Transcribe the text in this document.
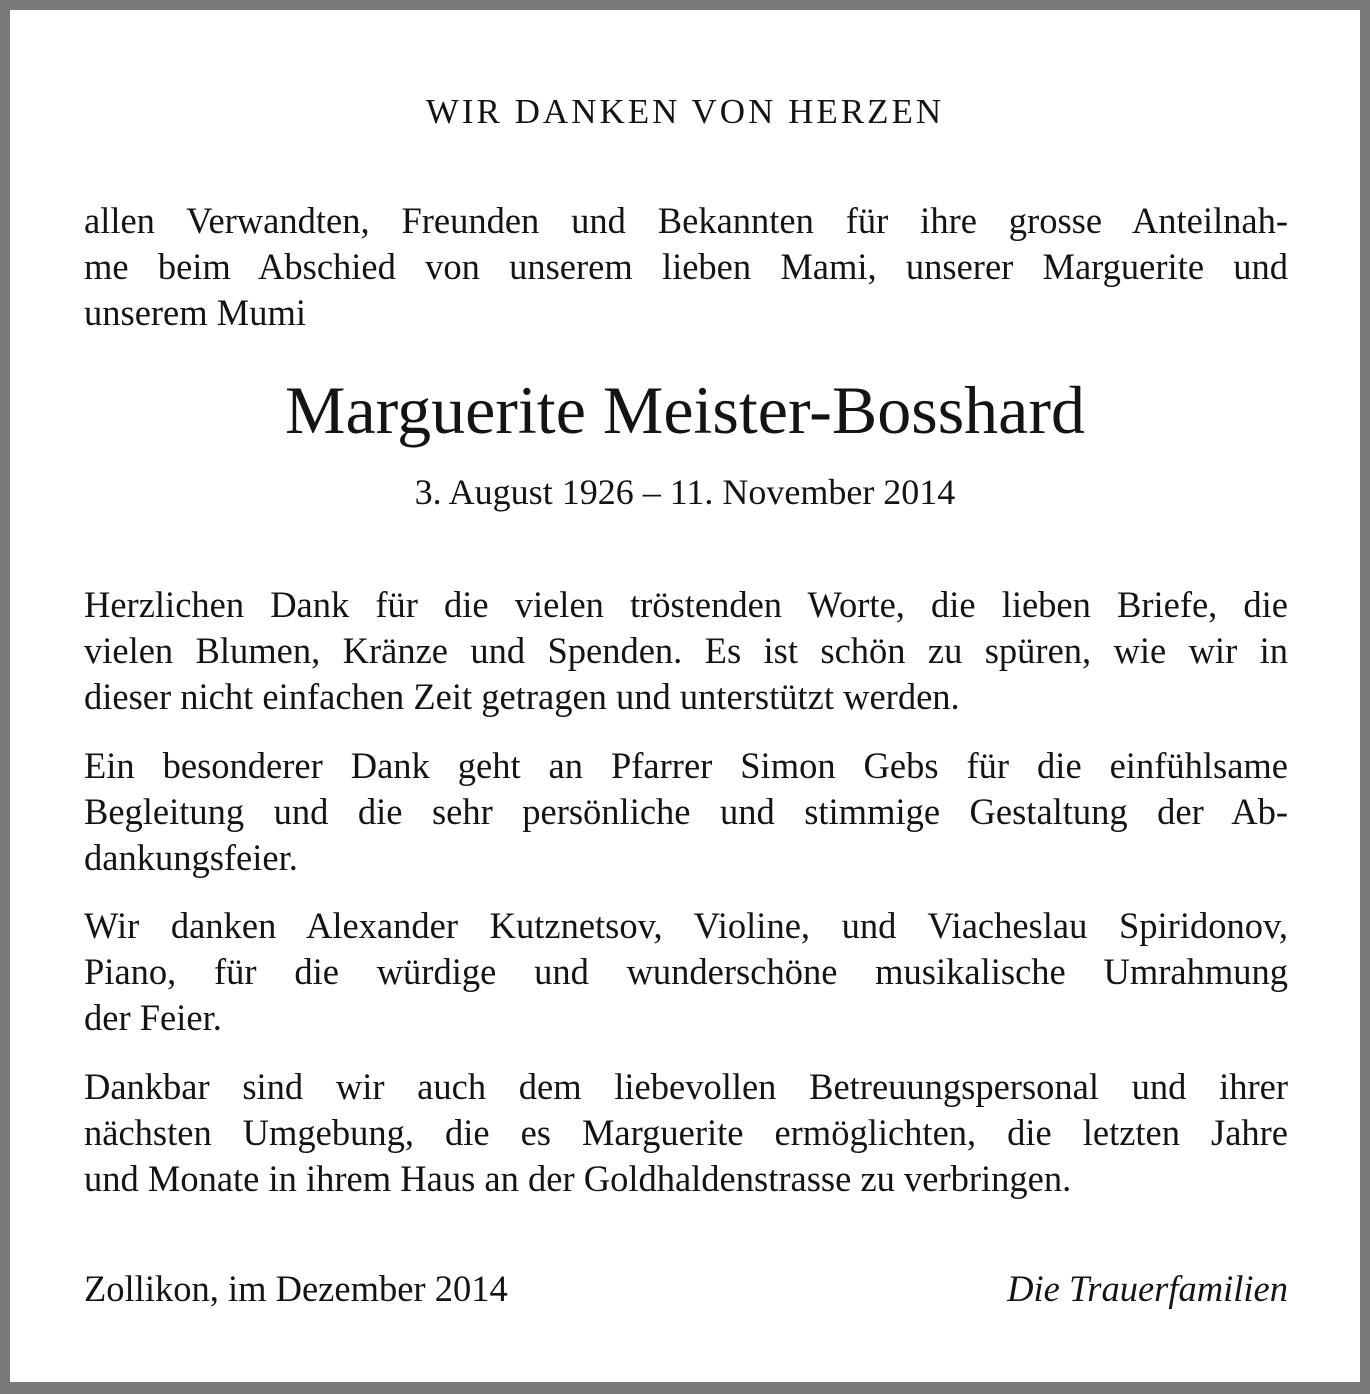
WIR DANKEN VON HERZEN
allen Verwandten, Freunden und Bekannten für ihre grosse Anteilnah-
me beim Abschied von unserem lieben Mami, unserer Marguerite und
unserem Mumi
Marguerite Meister-Bosshard
3. August 1926 – 11. November 2014
Herzlichen Dank für die vielen tröstenden Worte, die lieben Briefe, die
vielen Blumen, Kränze und Spenden. Es ist schön zu spüren, wie wir in
dieser nicht einfachen Zeit getragen und unterstützt werden.
Ein besonderer Dank geht an Pfarrer Simon Gebs für die einfühlsame
Begleitung und die sehr persönliche und stimmige Gestaltung der Ab-
dankungsfeier.
Wir danken Alexander Kutznetsov, Violine, und Viacheslau Spiridonov,
Piano, für die würdige und wunderschöne musikalische Umrahmung
der Feier.
Dankbar sind wir auch dem liebevollen Betreuungspersonal und ihrer
nächsten Umgebung, die es Marguerite ermöglichten, die letzten Jahre
und Monate in ihrem Haus an der Goldhaldenstrasse zu verbringen.
Zollikon, im Dezember 2014	Die Trauerfamilien
